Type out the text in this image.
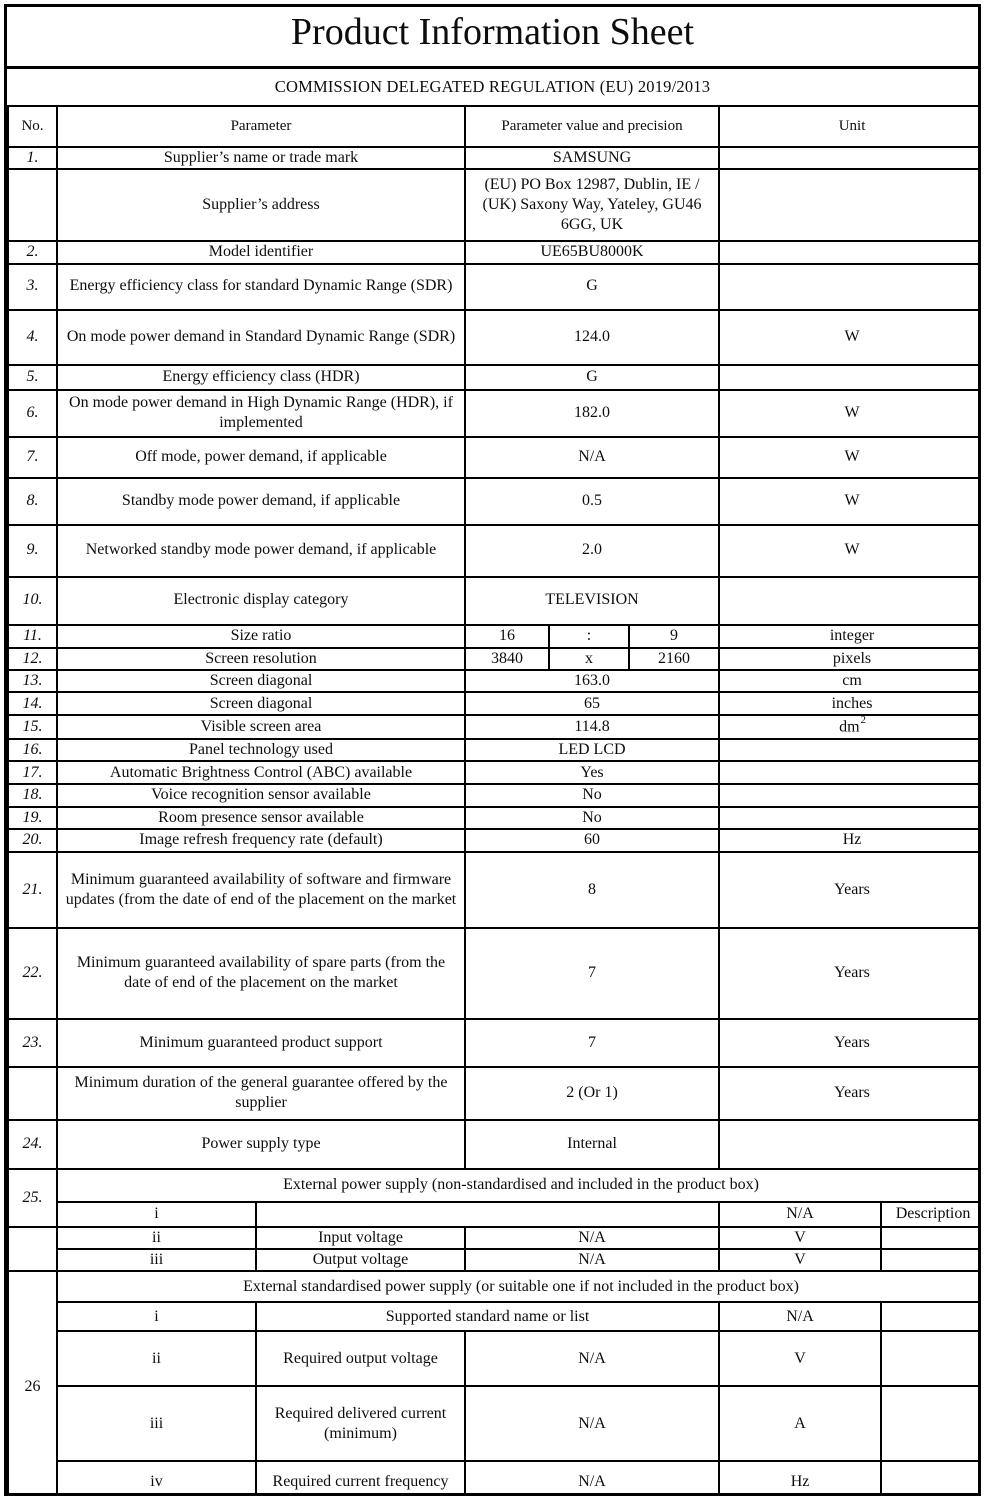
Product Information Sheet
COMMISSION DELEGATED REGULATION (EU) 2019/2013
No.	Parameter		Parameter value and precision			Unit	
1.	Supplier’s name or trade mark		SAMSUNG				
	Supplier’s address		(EU) PO Box 12987, Dublin, IE / (UK) Saxony Way, Yateley, GU46 6GG, UK				
2.	Model identifier		UE65BU8000K				
3.	Energy efficiency class for standard Dynamic Range (SDR)		G				
4.	On mode power demand in Standard Dynamic Range (SDR)		124.0			W	
5.	Energy efficiency class (HDR)		G				
6.	On mode power demand in High Dynamic Range (HDR), if implemented		182.0			W	
7.	Off mode, power demand, if applicable		N/A			W	
8.	Standby mode power demand, if applicable		0.5			W	
9.	Networked standby mode power demand, if applicable		2.0			W	
10.	Electronic display category		TELEVISION				
11.	Size ratio		16	:	9	integer	
12.	Screen resolution		3840	x	2160	pixels	
13.	Screen diagonal		163.0			cm	
14.	Screen diagonal		65			inches	
15.	Visible screen area		114.8			$dm^2$
16.	Panel technology used		LED LCD				
17.	Automatic Brightness Control (ABC) available		Yes				
18.	Voice recognition sensor available		No				
19.	Room presence sensor available		No				
20.	Image refresh frequency rate (default)		60			Hz	
21.	Minimum guaranteed availability of software and firmware updates (from the date of end of the placement on the market		8			Years	
22.	Minimum guaranteed availability of spare parts (from the date of end of the placement on the market		7			Years	
23.	Minimum guaranteed product support		7			Years	
	Minimum duration of the general guarantee offered by the supplier		2 (Or 1)			Years	
24.	Power supply type		Internal				
25.	External power supply (non-standardised and included in the product box)						
	i					N/A	Description
	ii	Input voltage	N/A			V	
	iii	Output voltage	N/A			V	
26	External standardised power supply (or suitable one if not included in the product box)						
	i	Supported standard name or list				N/A	
	ii	Required output voltage	N/A			V	
	iii	Required delivered current (minimum)	N/A			A	
	iv	Required current frequency	N/A			Hz	
